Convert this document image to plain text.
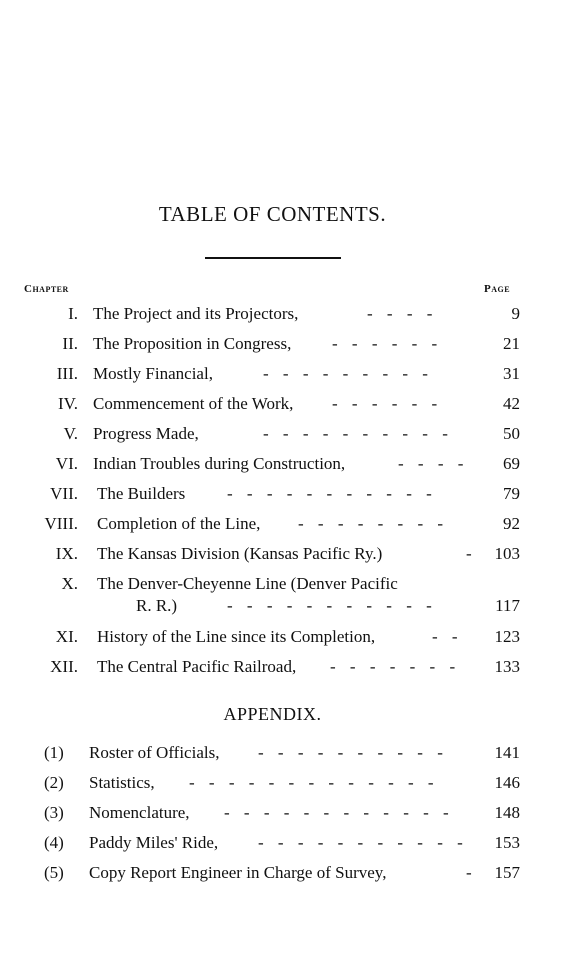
TABLE OF CONTENTS.
Chapter	Page
I. The Project and its Projectors,	- - - -	9
II. The Proposition in Congress, - - - - - -	21
III. Mostly Financial,	- - - - - - - - -	31
IV. Commencement of the Work, - - - - - -	42
V. Progress Made,	- - - - - - - - - -	50
VI. Indian Troubles during Construction,	- - - - 69
VII. The Builders - - - - - - - - - - -	79
VIII. Completion of the Line, - - - - - - - -	92
IX. The Kansas Division (Kansas Pacific Ry.)	- 103
X. The Denver-Cheyenne Line (Denver Pacific
R. R.)	- - - - - - - - - - -	117
XI. History of the Line since its Completion,	- - 123
XII. The Central Pacific Railroad, - - - - - - - 133
APPENDIX.
(1) Roster of Officials, - - - - - - - - - -	141
(2) Statistics, - - - - - - - - - - - - -	146
(3) Nomenclature, - - - - - - - - - - - -	148
(4) Paddy Miles' Ride, - - - - - - - - - - - 153
(5) Copy Report Engineer in Charge of Survey,	- 157
